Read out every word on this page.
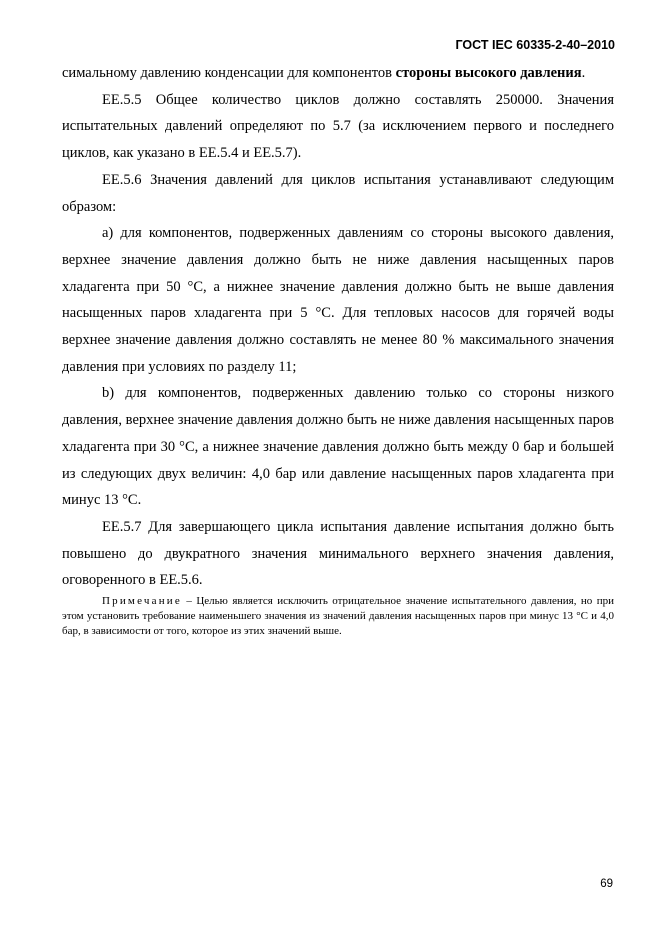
ГОСТ IEC 60335-2-40–2010

симальному давлению конденсации для компонентов стороны высокого давления.

EE.5.5 Общее количество циклов должно составлять 250000. Значения испытательных давлений определяют по 5.7 (за исключением первого и последнего циклов, как указано в EE.5.4 и EE.5.7).

EE.5.6 Значения давлений для циклов испытания устанавливают следующим образом:

a) для компонентов, подверженных давлениям со стороны высокого давления, верхнее значение давления должно быть не ниже давления насыщенных паров хладагента при 50 °C, а нижнее значение давления должно быть не выше давления насыщенных паров хладагента при 5 °C. Для тепловых насосов для горячей воды верхнее значение давления должно составлять не менее 80 % максимального значения давления при условиях по разделу 11;

b) для компонентов, подверженных давлению только со стороны низкого давления, верхнее значение давления должно быть не ниже давления насыщенных паров хладагента при 30 °C, а нижнее значение давления должно быть между 0 бар и большей из следующих двух величин: 4,0 бар или давление насыщенных паров хладагента при минус 13 °C.

EE.5.7 Для завершающего цикла испытания давление испытания должно быть повышено до двукратного значения минимального верхнего значения давления, оговоренного в EE.5.6.

Примечание – Целью является исключить отрицательное значение испытательного давления, но при этом установить требование наименьшего значения из значений давления насыщенных паров при минус 13 °C и 4,0 бар, в зависимости от того, которое из этих значений выше.

69
